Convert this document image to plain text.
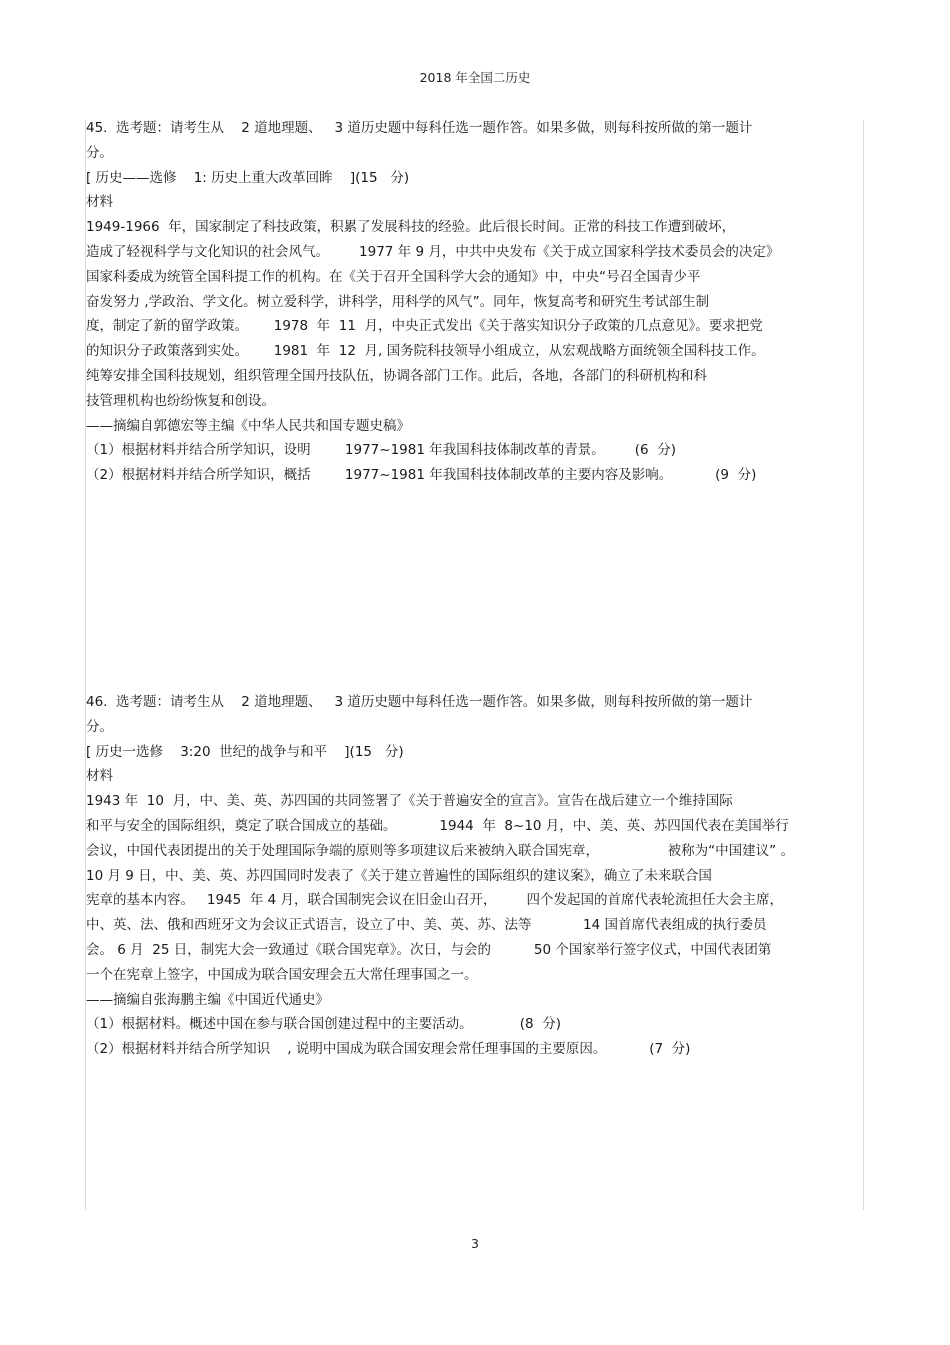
2018 年全国二历史
45.  选考题：请考生从    2 道地理题、   3 道历史题中每科任选一题作答。如果多做，则每科按所做的第一题计
分。
[ 历史——选修    1: 历史上重大改革回眸    ](15   分)
材料
1949-1966  年，国家制定了科技政策，积累了发展科技的经验。此后很长时间。正常的科技工作遭到破坏，
造成了轻视科学与文化知识的社会风气。       1977 年 9 月，中共中央发布《关于成立国家科学技术委员会的决定》
国家科委成为统管全国科提工作的机构。在《关于召开全国科学大会的通知》中，中央“号召全国青少平
奋发努力 ,学政治、学文化。树立爱科学，讲科学，用科学的风气”。同年，恢复高考和研究生考试部生制
度，制定了新的留学政策。      1978  年  11  月，中央正式发出《关于落实知识分子政策的几点意见》。要求把党
的知识分子政策落到实处。      1981  年  12  月, 国务院科技领导小组成立，从宏观战略方面统领全国科技工作。
纯筹安排全国科技规划，组织管理全国丹技队伍，协调各部门工作。此后，各地，各部门的科研机构和科
技管理机构也纷纷恢复和创设。
——摘编自郭德宏等主编《中华人民共和国专题史稿》
（1）根据材料并结合所学知识，设明        1977~1981 年我国科技体制改革的青景。       (6  分)
（2）根据材料并结合所学知识，概括        1977~1981 年我国科技体制改革的主要内容及影响。          (9  分)
46.  选考题：请考生从    2 道地理题、   3 道历史题中每科任选一题作答。如果多做，则每科按所做的第一题计
分。
[ 历史一选修    3:20  世纪的战争与和平    ](15   分)
材料
1943 年  10  月，中、美、英、苏四国的共同签署了《关于普遍安全的宣言》。宣告在战后建立一个维持国际
和平与安全的国际组织，奠定了联合国成立的基础。          1944  年  8~10 月，中、美、英、苏四国代表在美国举行
会议，中国代表团提出的关于处理国际争端的原则等多项建议后来被纳入联合国宪章，                被称为“中国建议” 。
10 月 9 日，中、美、英、苏四国同时发表了《关于建立普遍性的国际组织的建议案》，确立了未来联合国
宪章的基本内容。   1945  年 4 月，联合国制宪会议在旧金山召开，       四个发起国的首席代表轮流担任大会主席，
中、英、法、俄和西班牙文为会议正式语言，设立了中、美、英、苏、法等            14 国首席代表组成的执行委员
会。 6 月  25 日，制宪大会一致通过《联合国宪章》。次日，与会的          50 个国家举行签字仪式，中国代表团第
一个在宪章上签字，中国成为联合国安理会五大常任理事国之一。
——摘编自张海鹏主编《中国近代通史》
（1）根据材料。概述中国在参与联合国创建过程中的主要活动。           (8  分)
（2）根据材料并结合所学知识    , 说明中国成为联合国安理会常任理事国的主要原因。          (7  分)
3
